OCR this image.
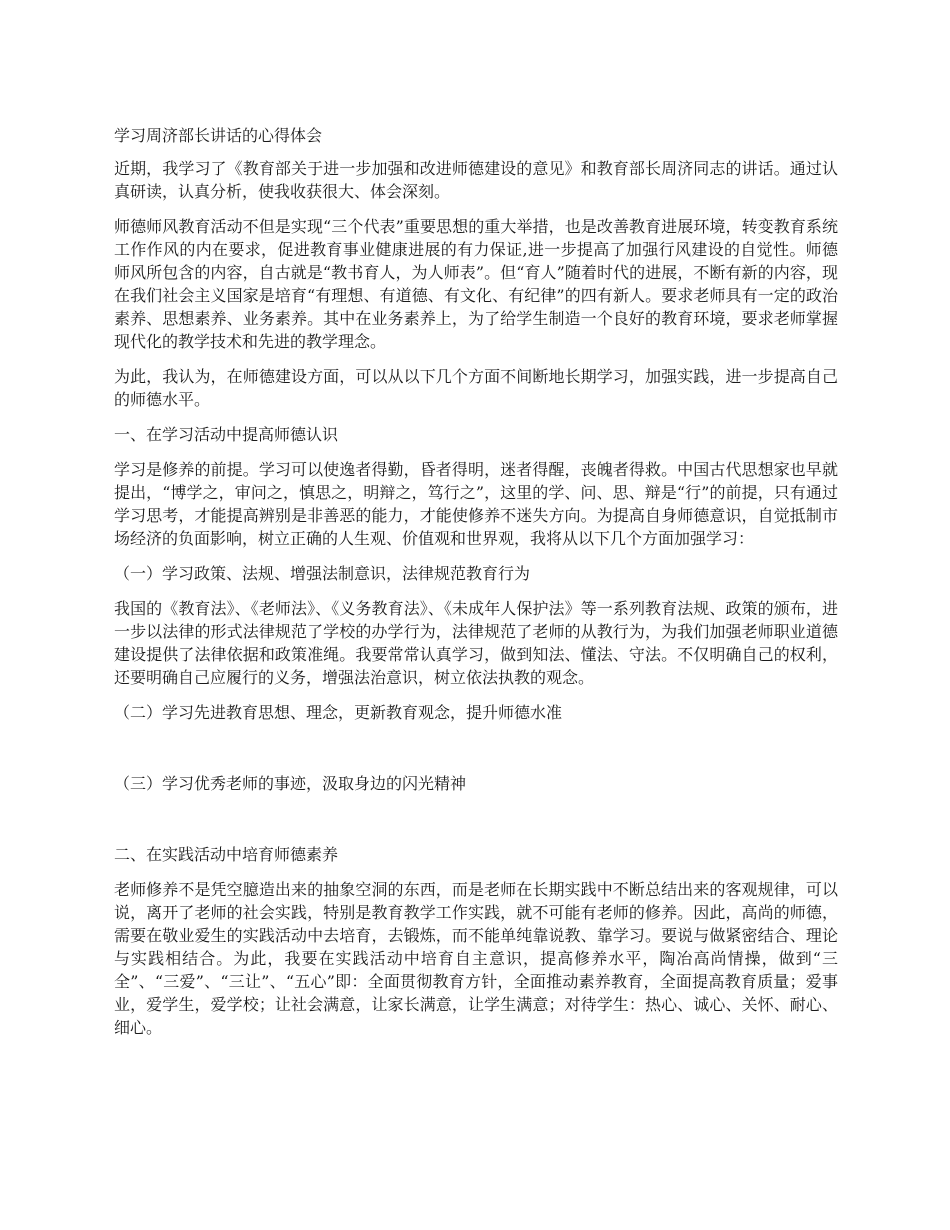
学习周济部长讲话的心得体会

近期，我学习了《教育部关于进一步加强和改进师德建设的意见》和教育部长周济同志的讲话。通过认真研读，认真分析，使我收获很大、体会深刻。

师德师风教育活动不但是实现“三个代表”重要思想的重大举措，也是改善教育进展环境，转变教育系统工作作风的内在要求，促进教育事业健康进展的有力保证,进一步提高了加强行风建设的自觉性。师德师风所包含的内容，自古就是“教书育人，为人师表”。但“育人”随着时代的进展，不断有新的内容，现在我们社会主义国家是培育“有理想、有道德、有文化、有纪律”的四有新人。要求老师具有一定的政治素养、思想素养、业务素养。其中在业务素养上，为了给学生制造一个良好的教育环境，要求老师掌握现代化的教学技术和先进的教学理念。

为此，我认为，在师德建设方面，可以从以下几个方面不间断地长期学习，加强实践，进一步提高自己的师德水平。

一、在学习活动中提高师德认识

学习是修养的前提。学习可以使逸者得勤，昏者得明，迷者得醒，丧魄者得救。中国古代思想家也早就提出，“博学之，审问之，慎思之，明辩之，笃行之”，这里的学、问、思、辩是“行”的前提，只有通过学习思考，才能提高辨别是非善恶的能力，才能使修养不迷失方向。为提高自身师德意识，自觉抵制市场经济的负面影响，树立正确的人生观、价值观和世界观，我将从以下几个方面加强学习：

（一）学习政策、法规、增强法制意识，法律规范教育行为

我国的《教育法》、《老师法》、《义务教育法》、《未成年人保护法》等一系列教育法规、政策的颁布，进一步以法律的形式法律规范了学校的办学行为，法律规范了老师的从教行为，为我们加强老师职业道德建设提供了法律依据和政策准绳。我要常常认真学习，做到知法、懂法、守法。不仅明确自己的权利，还要明确自己应履行的义务，增强法治意识，树立依法执教的观念。

（二）学习先进教育思想、理念，更新教育观念，提升师德水准

（三）学习优秀老师的事迹，汲取身边的闪光精神

二、在实践活动中培育师德素养

老师修养不是凭空臆造出来的抽象空洞的东西，而是老师在长期实践中不断总结出来的客观规律，可以说，离开了老师的社会实践，特别是教育教学工作实践，就不可能有老师的修养。因此，高尚的师德，需要在敬业爱生的实践活动中去培育，去锻炼，而不能单纯靠说教、靠学习。要说与做紧密结合、理论与实践相结合。为此，我要在实践活动中培育自主意识，提高修养水平，陶冶高尚情操，做到“三全”、“三爱”、“三让”、“五心”即：全面贯彻教育方针，全面推动素养教育，全面提高教育质量；爱事业，爱学生，爱学校；让社会满意，让家长满意，让学生满意；对待学生：热心、诚心、关怀、耐心、细心。
